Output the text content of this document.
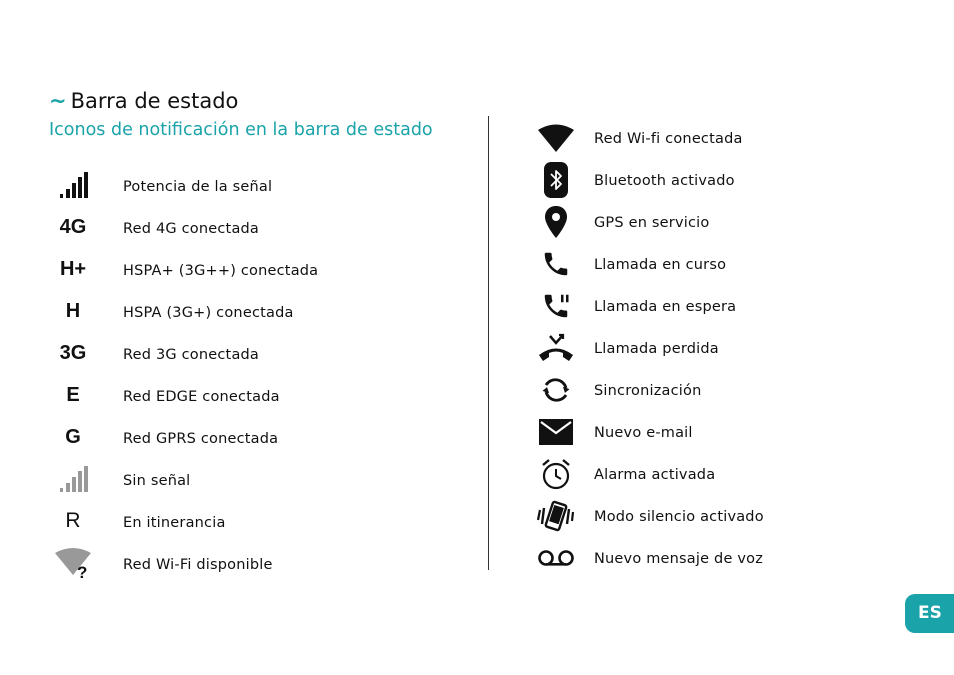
~ Barra de estado
Iconos de notificación en la barra de estado
Potencia de la señal
4G	Red 4G conectada
H+	HSPA+ (3G++) conectada
H	HSPA (3G+) conectada
3G	Red 3G conectada
E	Red EDGE conectada
G	Red GPRS conectada
Sin señal
R	En itinerancia
? Red Wi-Fi disponible
Red Wi-fi conectada
Bluetooth activado
GPS en servicio
Llamada en curso
Llamada en espera
Llamada perdida
Sincronización
Nuevo e-mail
Alarma activada
Modo silencio activado
Nuevo mensaje de voz
ES
